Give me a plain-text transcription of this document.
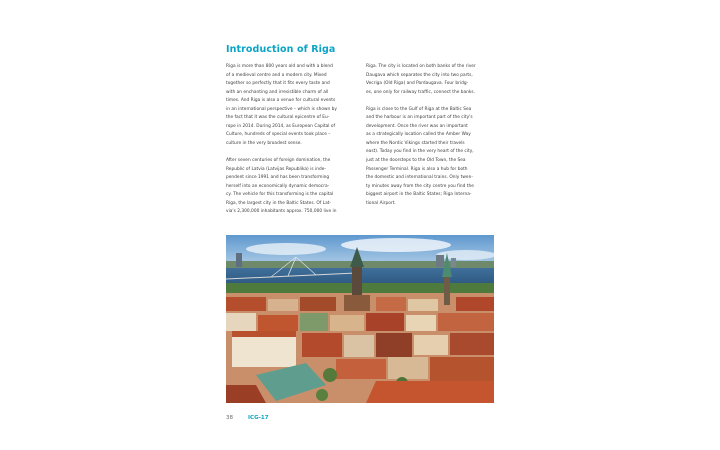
Introduction of Riga
Riga is more than 800 years old and with a blend
of a medieval centre and a modern city. Mixed
together so perfectly that it fits every taste and
with an enchanting and irresistible charm of all
times. And Riga is also a venue for cultural events
in an international perspective – which is shown by
the fact that it was the cultural epicentre of Eu-
rope in 2014. During 2014, as European Capital of
Culture, hundreds of special events took place –
culture in the very broadest sense.
After seven centuries of foreign domination, the
Republic of Latvia (Latvijas Republika) is inde-
pendent since 1991 and has been transforming
herself into an economically dynamic democra-
cy. The vehicle for this transforming is the capital
Riga, the largest city in the Baltic States. Of Lat-
via's 2,300,000 inhabitants approx. 750,000 live in
Riga. The city is located on both banks of the river
Daugava which separates the city into two parts,
Vecriga (Old Riga) and Pardaugava. Four bridg-
es, one only for railway traffic, connect the banks.
Riga is close to the Gulf of Riga at the Baltic Sea
and the harbour is an important part of the city's
development. Once the river was an important
as a strategically location called the Amber Way
where the Nordic Vikings started their travels
east). Today you find in the very heart of the city,
just at the doorsteps to the Old Town, the Sea
Passenger Terminal. Riga is also a hub for both
the domestic and international trains. Only twen-
ty minutes away from the city centre you find the
biggest airport in the Baltic States; Riga Interna-
tional Airport.
38	ICG-17
